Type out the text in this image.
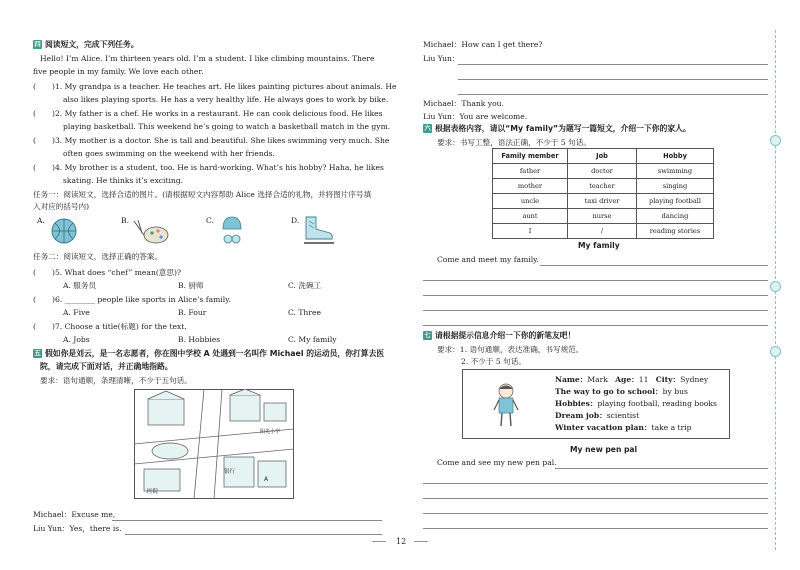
四 阅读短文，完成下列任务。
Hello! I’m Alice. I’m thirteen years old. I’m a student. I like climbing mountains. There
five people in my family. We love each other.
( )1. My grandpa is a teacher. He teaches art. He likes painting pictures about animals. He
also likes playing sports. He has a very healthy life. He always goes to work by bike.
( )2. My father is a chef. He works in a restaurant. He can cook delicious food. He likes
playing basketball. This weekend he’s going to watch a basketball match in the gym.
( )3. My mother is a doctor. She is tall and beautiful. She likes swimming very much. She
often goes swimming on the weekend with her friends.
( )4. My brother is a student, too. He is hard-working. What’s his hobby? Haha, he likes
skating. He thinks it’s exciting.
任务一：阅读短文，选择合适的图片。(请根据短文内容帮助 Alice 选择合适的礼物，并将图片序号填
入对应的括号内)
A.	B.	C.	D.
任务二：阅读短文，选择正确的答案。
( )5. What does “chef” mean(意思)?
A. 服务员	B. 厨师	C. 洗碗工
( )6. ________ people like sports in Alice’s family.
A. Five	B. Four	C. Three
( )7. Choose a title(标题) for the text.
A. Jobs	B. Hobbies	C. My family
五 假如你是刘云，是一名志愿者，你在图中学校 A 处遇到一名叫作 Michael 的运动员，你打算去医
院，请完成下面对话，并正确地指路。
要求：语句通顺，条理清晰，不少于五句话。
医院
银行
阳光小学
A
Michael：Excuse me,
Liu Yun：Yes，there is.
Michael：How can I get there?
Liu Yun：
Michael：Thank you.
Liu Yun：You are welcome.
六 根据表格内容，请以“My family”为题写一篇短文，介绍一下你的家人。
要求：书写工整，语法正确，不少于 5 句话。
Family member	Job	Hobby
father	doctor	swimming
mother	teacher	singing
uncle	taxi driver	playing football
aunt	nurse	dancing
I	/	reading stories
My family
Come and meet my family.
七 请根据提示信息介绍一下你的新笔友吧！
要求：1. 语句通顺，表达准确，书写规范。
2. 不少于 5 句话。
Name：Mark Age：11 City：Sydney
The way to go to school：by bus
Hobbies：playing football, reading books
Dream job：scientist
Winter vacation plan：take a trip
My new pen pal
Come and see my new pen pal.
12
